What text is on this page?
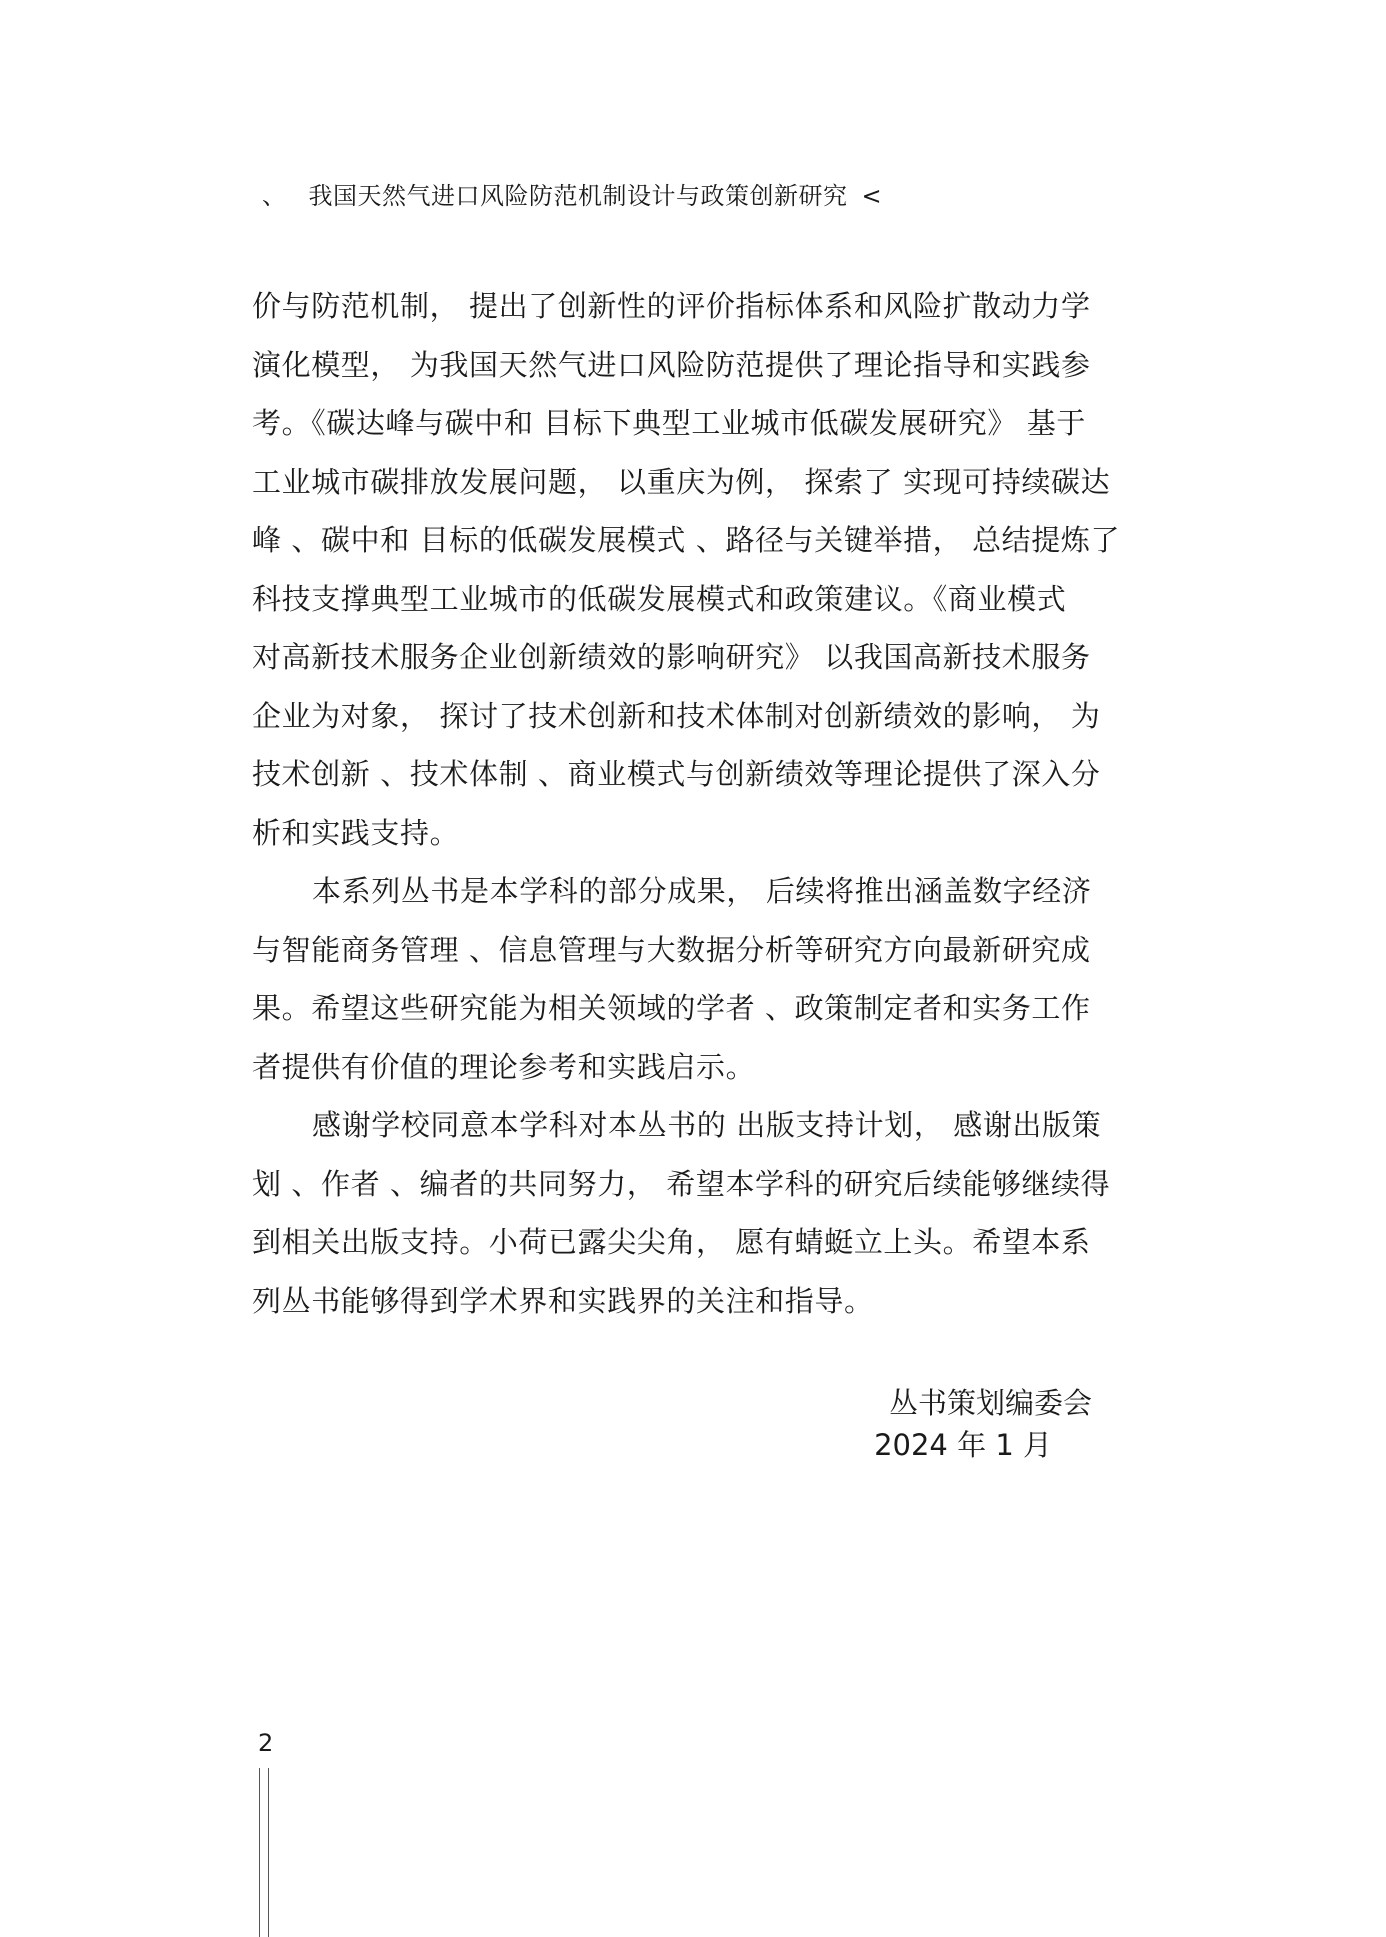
、 我国天然气进口风险防范机制设计与政策创新研究 <
价与防范机制， 提出了创新性的评价指标体系和风险扩散动力学
演化模型， 为我国天然气进口风险防范提供了理论指导和实践参
考。《碳达峰与碳中和 目标下典型工业城市低碳发展研究》 基于
工业城市碳排放发展问题， 以重庆为例， 探索了 实现可持续碳达
峰 、碳中和 目标的低碳发展模式 、路径与关键举措， 总结提炼了
科技支撑典型工业城市的低碳发展模式和政策建议。《商业模式
对高新技术服务企业创新绩效的影响研究》 以我国高新技术服务
企业为对象， 探讨了技术创新和技术体制对创新绩效的影响， 为
技术创新 、技术体制 、商业模式与创新绩效等理论提供了深入分
析和实践支持。
本系列丛书是本学科的部分成果， 后续将推出涵盖数字经济
与智能商务管理 、信息管理与大数据分析等研究方向最新研究成
果。希望这些研究能为相关领域的学者 、政策制定者和实务工作
者提供有价值的理论参考和实践启示。
感谢学校同意本学科对本丛书的 出版支持计划， 感谢出版策
划 、作者 、编者的共同努力， 希望本学科的研究后续能够继续得
到相关出版支持。小荷已露尖尖角， 愿有蜻蜓立上头。希望本系
列丛书能够得到学术界和实践界的关注和指导。
丛书策划编委会
2024 年 1 月
2
